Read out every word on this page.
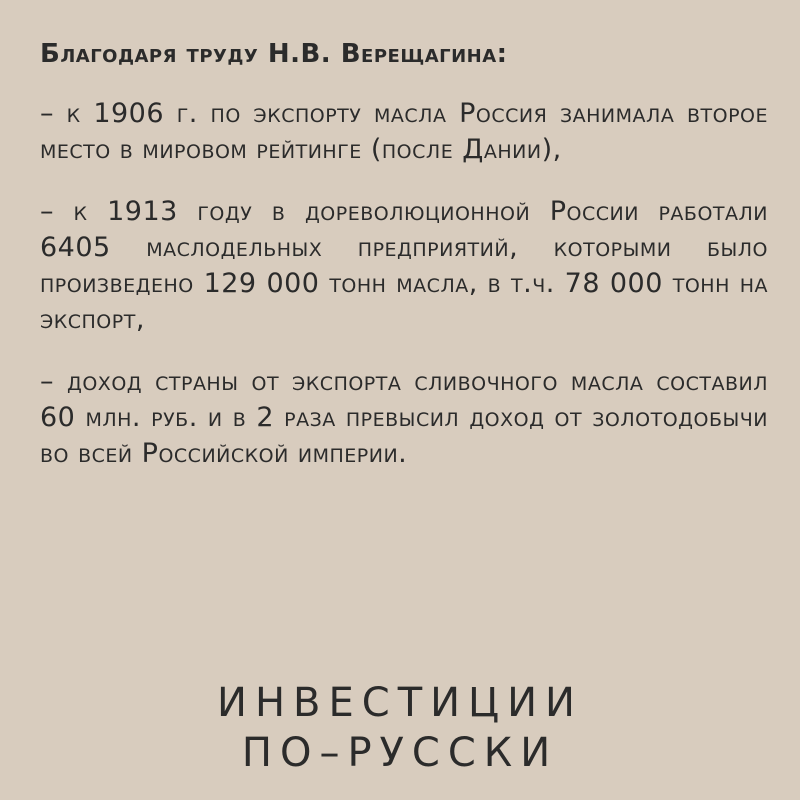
Благодаря труду Н.В. Верещагина:

– к 1906 г. по экспорту масла Россия занимала второе место в мировом рейтинге (после Дании),

– к 1913 году в дореволюционной России работали 6405 маслодельных предприятий, которыми было произведено 129 000 тонн масла, в т.ч. 78 000 тонн на экспорт,

– доход страны от экспорта сливочного масла составил 60 млн. руб. и в 2 раза превысил доход от золотодобычи во всей Российской империи.

ИНВЕСТИЦИИ
ПО–РУССКИ
